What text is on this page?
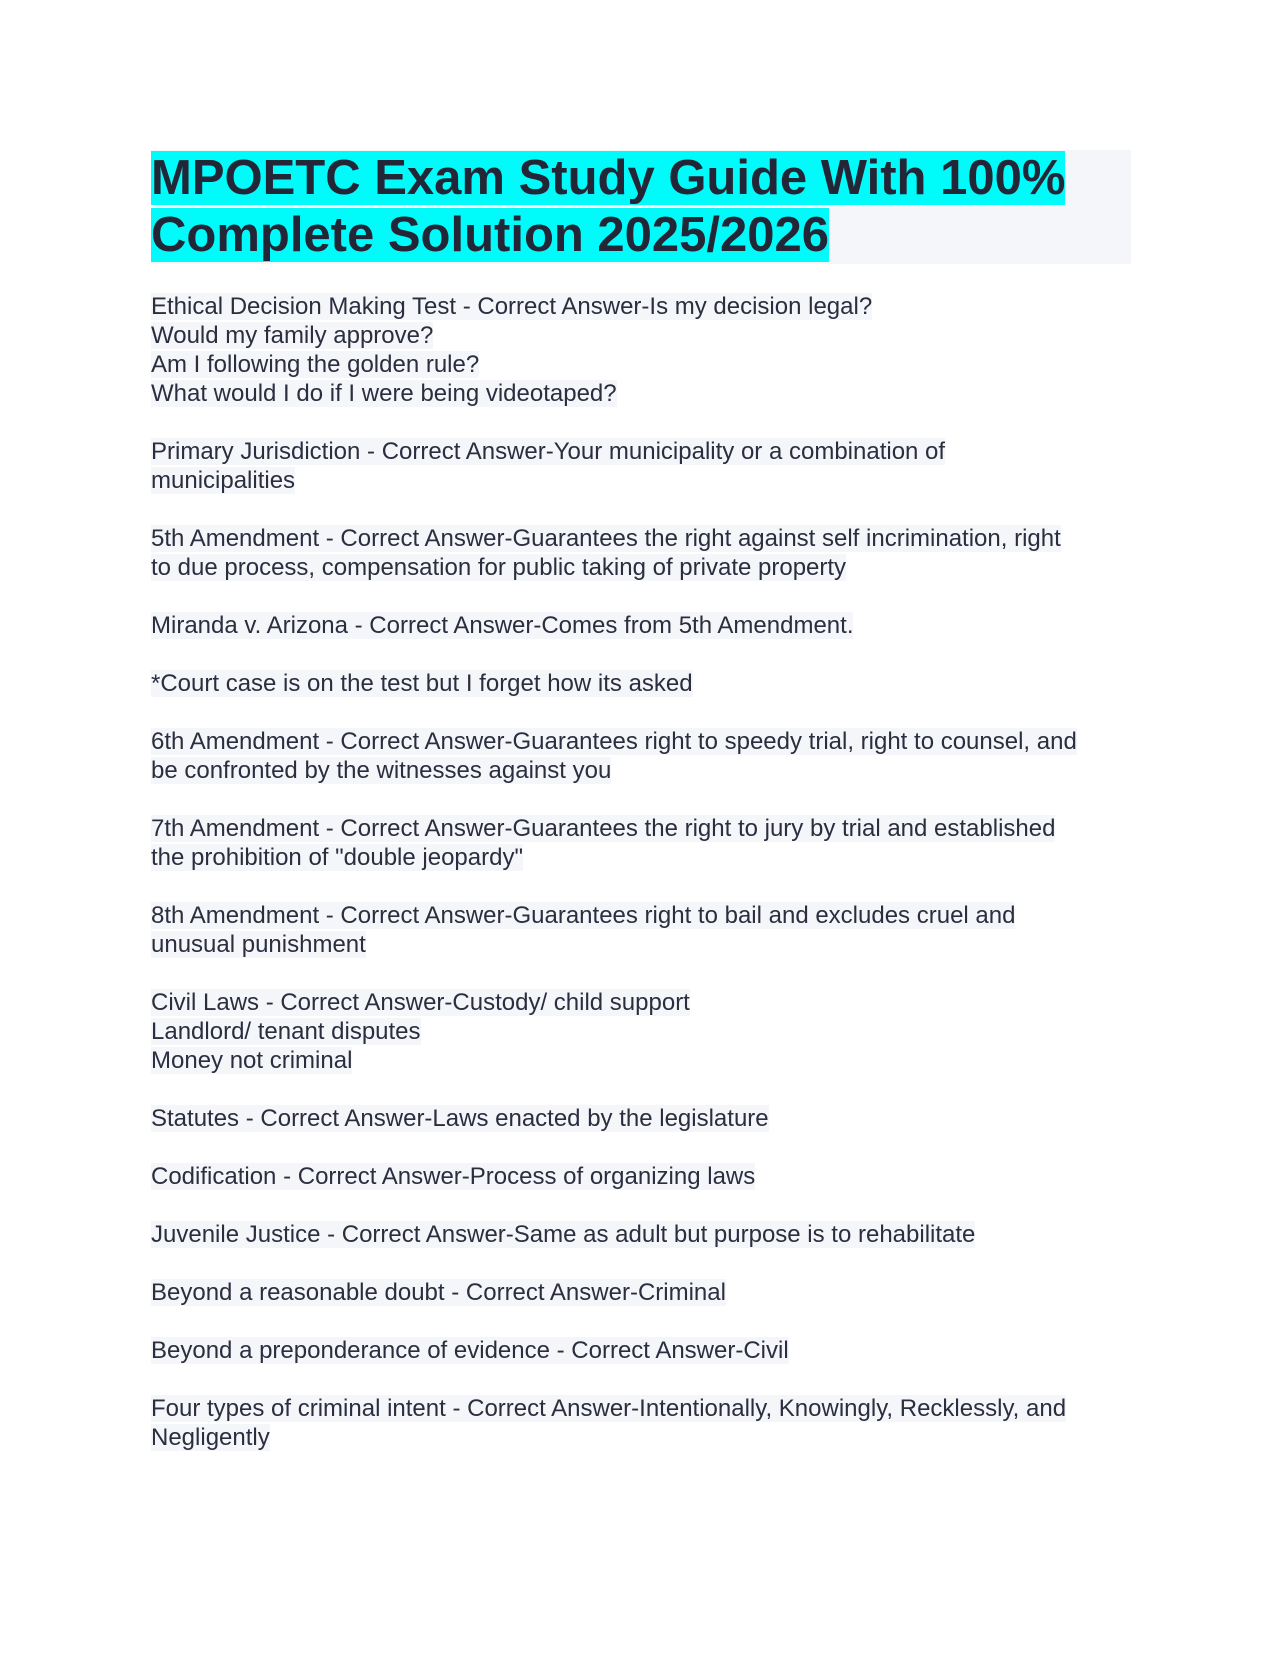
MPOETC Exam Study Guide With 100%
Complete Solution 2025/2026
Ethical Decision Making Test - Correct Answer-Is my decision legal?
Would my family approve?
Am I following the golden rule?
What would I do if I were being videotaped?
Primary Jurisdiction - Correct Answer-Your municipality or a combination of
municipalities
5th Amendment - Correct Answer-Guarantees the right against self incrimination, right
to due process, compensation for public taking of private property
Miranda v. Arizona - Correct Answer-Comes from 5th Amendment.
*Court case is on the test but I forget how its asked
6th Amendment - Correct Answer-Guarantees right to speedy trial, right to counsel, and
be confronted by the witnesses against you
7th Amendment - Correct Answer-Guarantees the right to jury by trial and established
the prohibition of "double jeopardy"
8th Amendment - Correct Answer-Guarantees right to bail and excludes cruel and
unusual punishment
Civil Laws - Correct Answer-Custody/ child support
Landlord/ tenant disputes
Money not criminal
Statutes - Correct Answer-Laws enacted by the legislature
Codification - Correct Answer-Process of organizing laws
Juvenile Justice - Correct Answer-Same as adult but purpose is to rehabilitate
Beyond a reasonable doubt - Correct Answer-Criminal
Beyond a preponderance of evidence - Correct Answer-Civil
Four types of criminal intent - Correct Answer-Intentionally, Knowingly, Recklessly, and
Negligently
